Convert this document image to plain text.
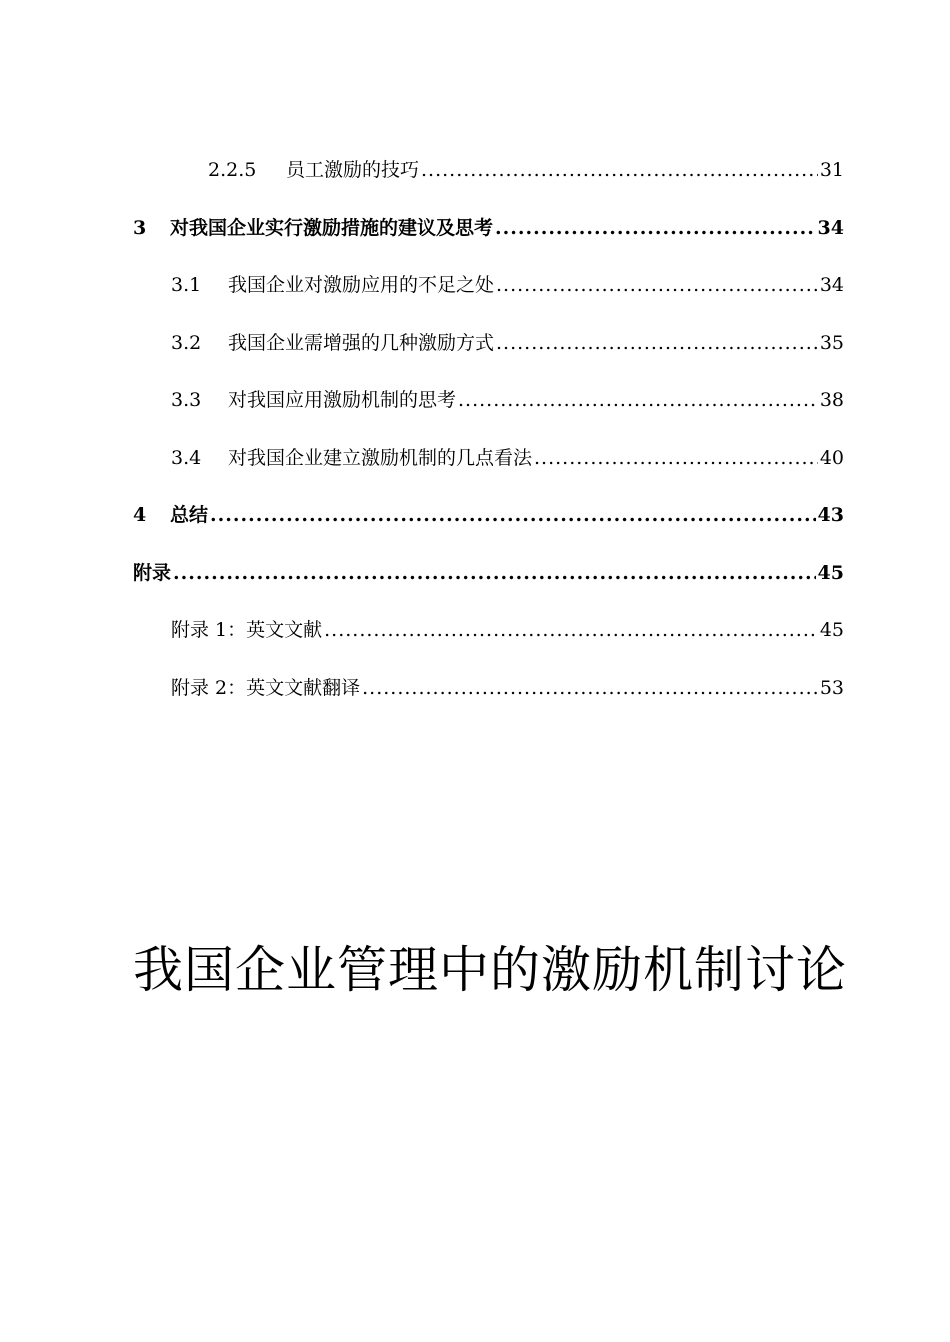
2.2.5	员工激励的技巧 .....	31
3	对我国企业实行激励措施的建议及思考 .....	34
3.1	我国企业对激励应用的不足之处 .....	34
3.2	我国企业需增强的几种激励方式 .....	35
3.3	对我国应用激励机制的思考 .....	38
3.4	对我国企业建立激励机制的几点看法 .....	40
4	总结 .....	43
附录 .....	45
附录 1：英文文献 .....	45
附录 2：英文文献翻译 .....	53
我国企业管理中的激励机制讨论
